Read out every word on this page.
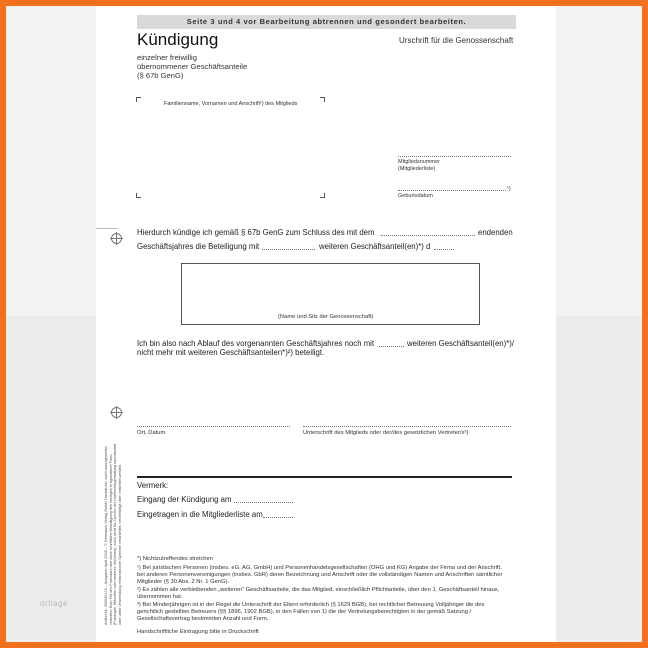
Seite 3 und 4 vor Bearbeitung abtrennen und gesondert bearbeiten.
Kündigung
einzelner freiwillig
übernommener Geschäftsanteile
(§ 67b GenG)
Urschrift für die Genossenschaft
Familienname, Vornamen und Anschrift¹) des Mitglieds
Mitgliedsnummer
(Mitgliederliste)
¹)
Geburtsdatum
Hierdurch kündige ich gemäß § 67b GenG zum Schluss des mit dem	endenden
Geschäftsjahres die Beteiligung mit	weiteren Geschäftsanteil(en)*) d
(Name und Sitz der Genossenschaft)
Ich bin also nach Ablauf des vorgenannten Geschäftsjahres noch mit	weiteren Geschäftsanteil(en)*)/
nicht mehr mit weiteren Geschäftsanteilen*)²) beteiligt.
Ort, Datum	Unterschrift des Mitglieds oder der/des gesetzlichen Vertreter/s³)
Vermerk:
Eingang der Kündigung am
Eingetragen in die Mitgliederliste am
*) Nichtzutreffendes streichen
¹) Bei juristischen Personen (insbes. eG, AG, GmbH) und Personenhandelsgesellschaften (OHG und KG) Angabe der Firma und der Anschrift, bei anderen Personenvereinigungen (insbes. GbR) deren Bezeichnung und Anschrift oder die vollständigen Namen und Anschriften sämtlicher Mitglieder (§ 30 Abs. 2 Nr. 1 GenG).
²) Es zählen alle verbleibenden „weiteren“ Geschäftsanteile, die das Mitglied, einschließlich Pflichtanteile, über den 1. Geschäftsanteil hinaus, übernommen hat.
³) Bei Minderjährigen ist in der Regel die Unterschrift der Eltern erforderlich (§ 1629 BGB), bei rechtlicher Betreuung Volljähriger die des gerichtlich gestellten Betreuers (§§ 1896, 1902 BGB), in den Fällen von 1) die der Vertretungsberechtigten in der gemäß Satzung / Gesellschaftsvertrag bestimmten Anzahl und Form.
Handschriftliche Eintragung bitte in Druckschrift
Artikel-Nr. 390030123 – Ausgabe: April 2008 – © Hermanns Verlag GmbH Nachdruck, auch auszugsweise, verboten. Kein Teil des Formulars darf ohne schriftliche Einwilligung des Verlages in irgendeiner Form (Fotokopie, Mikrofilm oder anderes Verfahren), auch nicht für Zwecke der Unterrichtsgestaltung reproduziert oder unter Verwendung elektronischer Systeme verarbeitet, vervielfältigt oder verbreitet werden.
ortiage
